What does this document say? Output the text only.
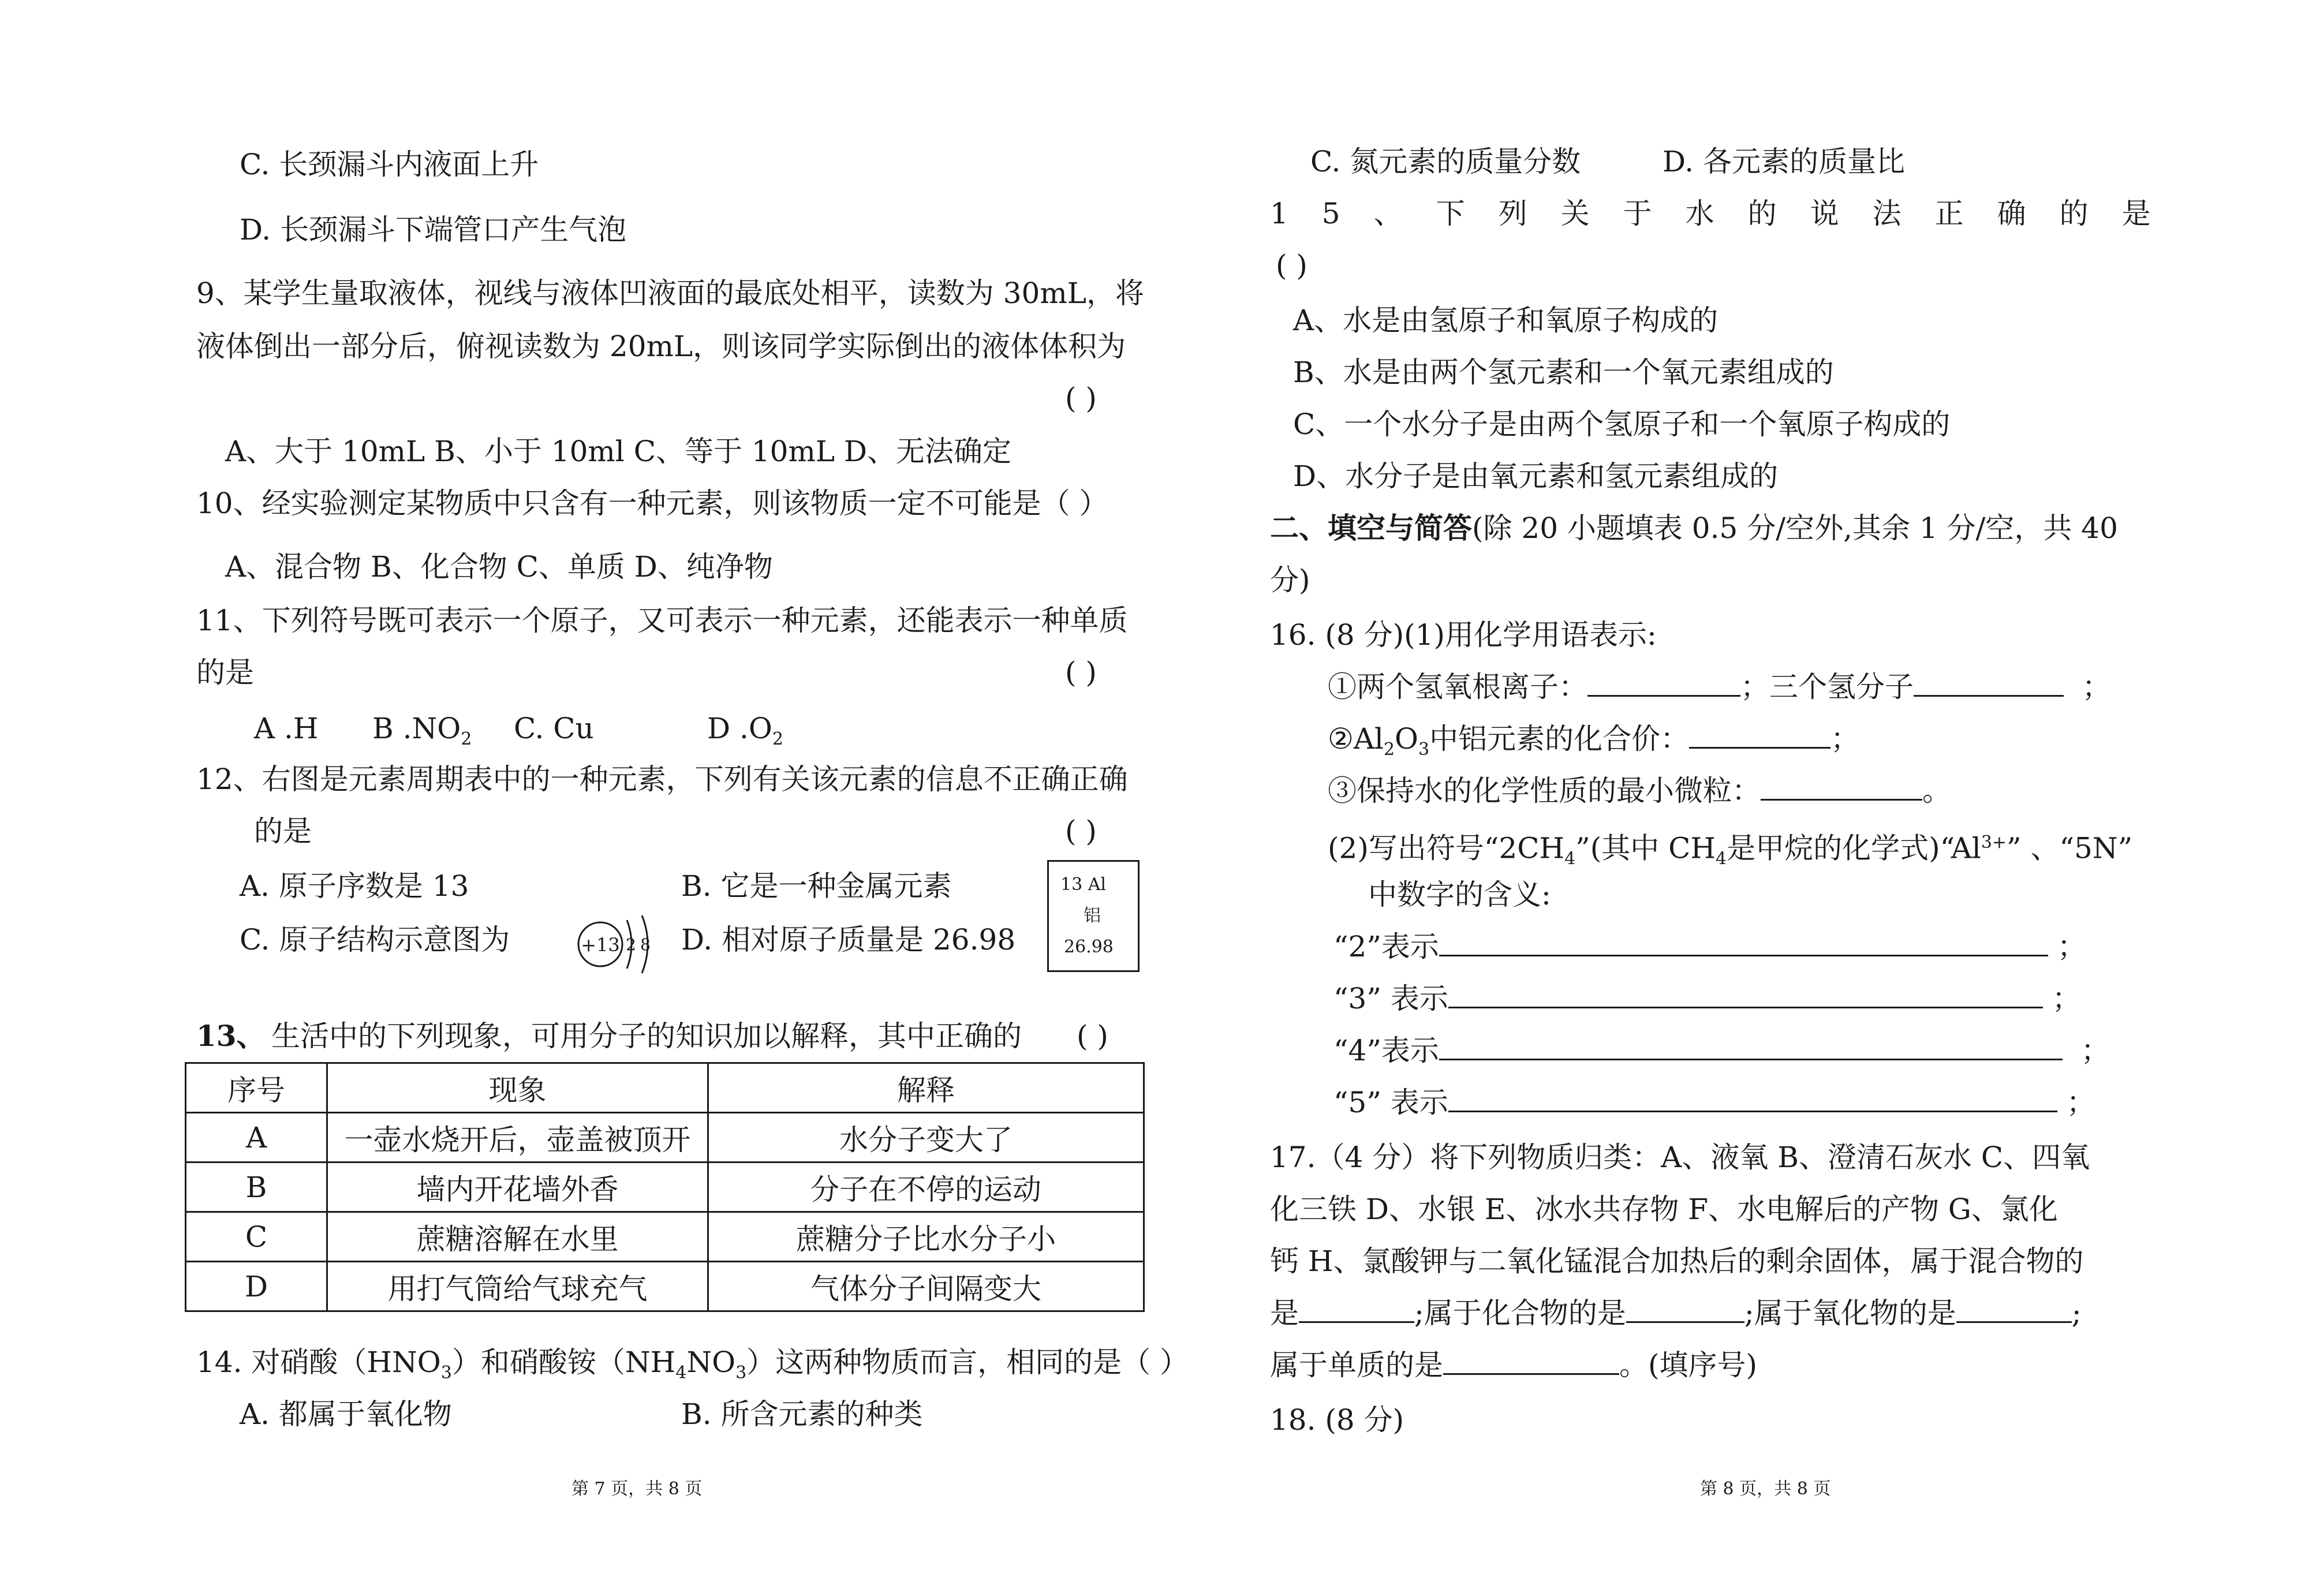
C. 长颈漏斗内液面上升
D. 长颈漏斗下端管口产生气泡
9、某学生量取液体，视线与液体凹液面的最底处相平，读数为 30mL，将
液体倒出一部分后，俯视读数为 20mL，则该同学实际倒出的液体体积为
( )
A、大于 10mL B、小于 10ml C、等于 10mL D、无法确定
10、经实验测定某物质中只含有一种元素，则该物质一定不可能是（ ）
A、混合物 B、化合物 C、单质 D、纯净物
11、下列符号既可表示一个原子，又可表示一种元素，还能表示一种单质
的是	( )
A .H B $.NO_2$ C. Cu	D $.O_2$
12、右图是元素周期表中的一种元素，下列有关该元素的信息不正确正确
的是	( )
A. 原子序数是 13	B. 它是一种金属元素
C. 原子结构示意图为	D. 相对原子质量是 26.98
+13 2 8
13 Al
铝
26.98
13、 生活中的下列现象，可用分子的知识加以解释，其中正确的 ( )
序号	现象	解释
A	一壶水烧开后，壶盖被顶开	水分子变大了
B	墙内开花墙外香	分子在不停的运动
C	蔗糖溶解在水里	蔗糖分子比水分子小
D	用打气筒给气球充气	气体分子间隔变大
14. 对硝酸$(HNO_3)$和硝酸铵$(NH_4NO_3)$这两种物质而言，相同的是（ ）
A. 都属于氧化物	B. 所含元素的种类
第 7 页，共 8 页
C. 氮元素的质量分数	D. 各元素的质量比
15、下列关于水的说法正确的是
( )
A、水是由氢原子和氧原子构成的
B、水是由两个氢元素和一个氧元素组成的
C、一个水分子是由两个氢原子和一个氧原子构成的
D、水分子是由氧元素和氢元素组成的
二、填空与简答(除 20 小题填表 0.5 分/空外,其余 1 分/空，共 40
分)
16. (8 分)(1)用化学用语表示:
①两个氢氧根离子：	；三个氢分子	；
$②Al_2O_3$中铝元素的化合价：	；
③保持水的化学性质的最小微粒：	。
(2)写出符号“$2CH_4$”(其中 $CH_4$是甲烷的化学式)“$Al^{3+}$” 、“5N”
中数字的含义:
“2”表示	；
“3” 表示	；
“4”表示	；
“5” 表示	；
17.（4 分）将下列物质归类：A、液氧 B、澄清石灰水 C、四氧
化三铁 D、水银 E、冰水共存物 F、水电解后的产物 G、氯化
钙 H、氯酸钾与二氧化锰混合加热后的剩余固体，属于混合物的
是	;属于化合物的是	;属于氧化物的是	;
属于单质的是	。(填序号)
18. (8 分)
第 8 页，共 8 页
